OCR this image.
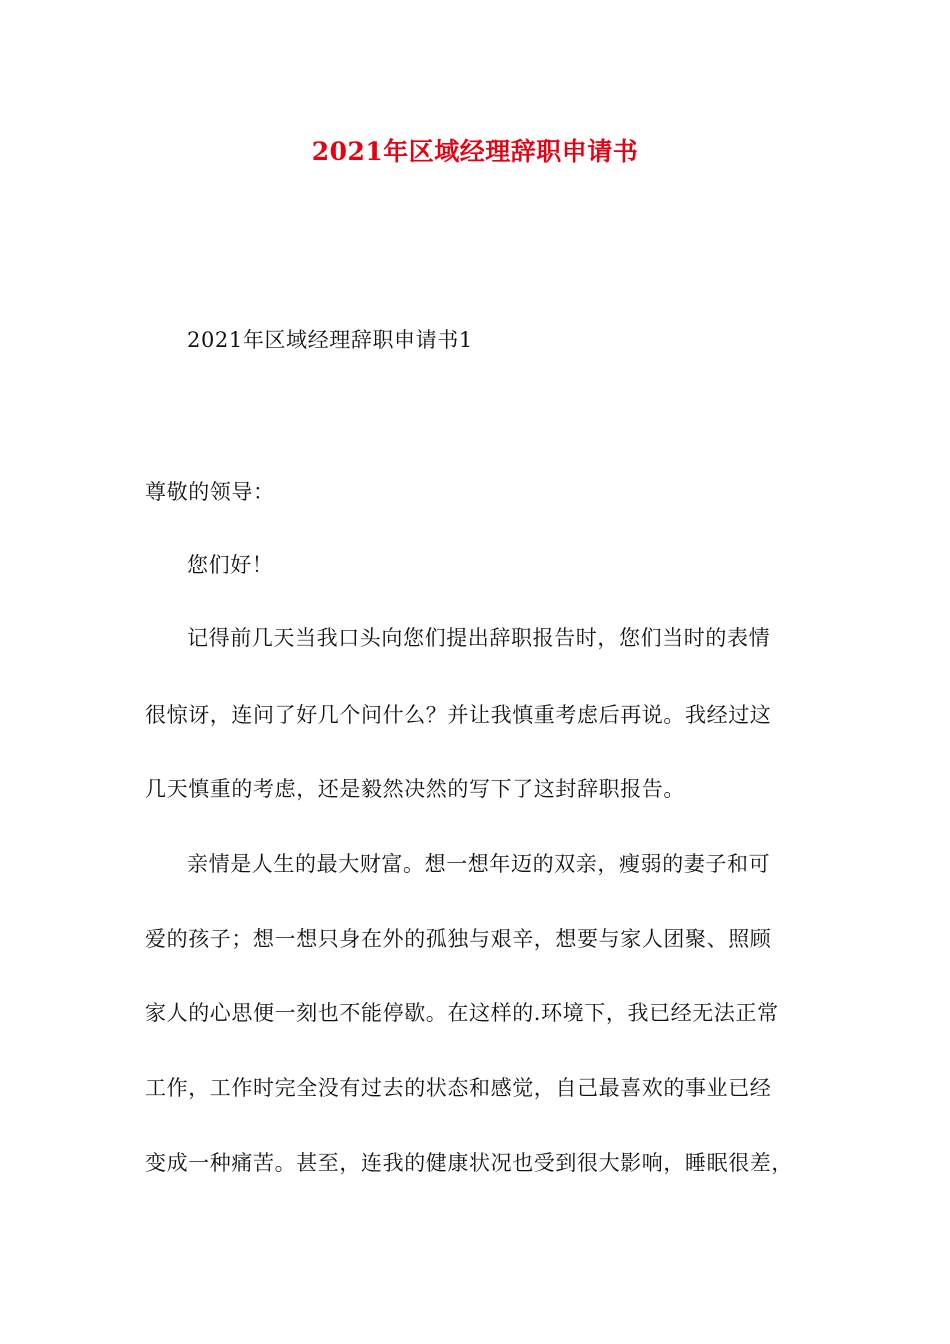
2021年区域经理辞职申请书
2021年区域经理辞职申请书1
尊敬的领导：
您们好！
记得前几天当我口头向您们提出辞职报告时，您们当时的表情
很惊讶，连问了好几个问什么？并让我慎重考虑后再说。我经过这
几天慎重的考虑，还是毅然决然的写下了这封辞职报告。
亲情是人生的最大财富。想一想年迈的双亲，瘦弱的妻子和可
爱的孩子；想一想只身在外的孤独与艰辛，想要与家人团聚、照顾
家人的心思便一刻也不能停歇。在这样的.环境下，我已经无法正常
工作，工作时完全没有过去的状态和感觉，自己最喜欢的事业已经
变成一种痛苦。甚至，连我的健康状况也受到很大影响，睡眠很差，
